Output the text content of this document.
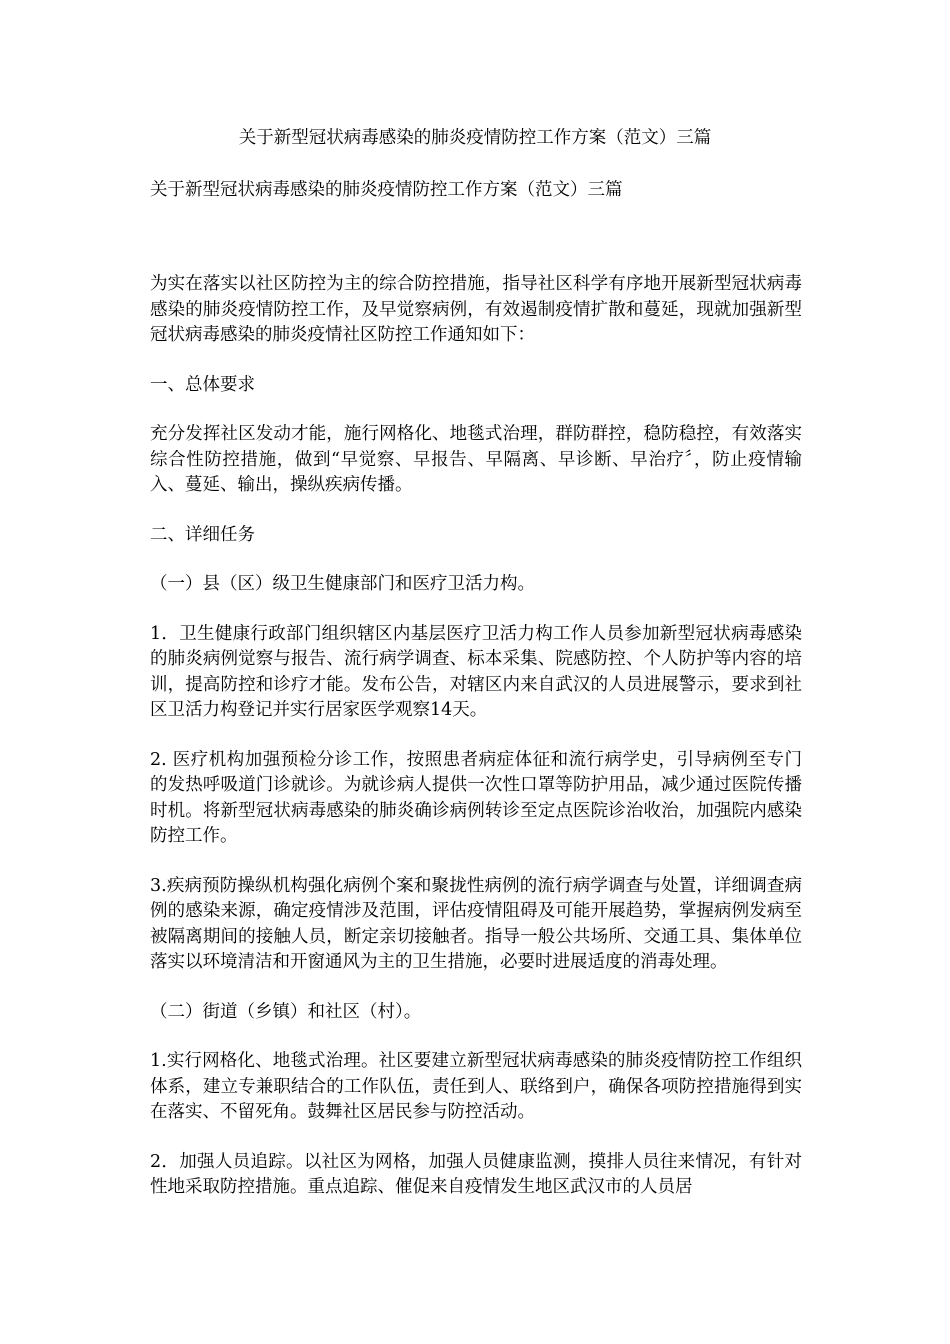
关于新型冠状病毒感染的肺炎疫情防控工作方案（范文）三篇
关于新型冠状病毒感染的肺炎疫情防控工作方案（范文）三篇

为实在落实以社区防控为主的综合防控措施，指导社区科学有序地开展新型冠状病毒感染的肺炎疫情防控工作，及早觉察病例，有效遏制疫情扩散和蔓延，现就加强新型冠状病毒感染的肺炎疫情社区防控工作通知如下：

一、总体要求

充分发挥社区发动才能，施行网格化、地毯式治理，群防群控，稳防稳控，有效落实综合性防控措施，做到“早觉察、早报告、早隔离、早诊断、早治疗〞，防止疫情输入、蔓延、输出，操纵疾病传播。

二、详细任务

（一）县（区）级卫生健康部门和医疗卫活力构。

1．卫生健康行政部门组织辖区内基层医疗卫活力构工作人员参加新型冠状病毒感染的肺炎病例觉察与报告、流行病学调查、标本采集、院感防控、个人防护等内容的培训，提高防控和诊疗才能。发布公告，对辖区内来自武汉的人员进展警示，要求到社区卫活力构登记并实行居家医学观察14天。

2. 医疗机构加强预检分诊工作，按照患者病症体征和流行病学史，引导病例至专门的发热呼吸道门诊就诊。为就诊病人提供一次性口罩等防护用品，减少通过医院传播时机。将新型冠状病毒感染的肺炎确诊病例转诊至定点医院诊治收治，加强院内感染防控工作。

3.疾病预防操纵机构强化病例个案和聚拢性病例的流行病学调查与处置，详细调查病例的感染来源，确定疫情涉及范围，评估疫情阻碍及可能开展趋势，掌握病例发病至被隔离期间的接触人员，断定亲切接触者。指导一般公共场所、交通工具、集体单位落实以环境清洁和开窗通风为主的卫生措施，必要时进展适度的消毒处理。

（二）街道（乡镇）和社区（村）。

1.实行网格化、地毯式治理。社区要建立新型冠状病毒感染的肺炎疫情防控工作组织体系，建立专兼职结合的工作队伍，责任到人、联络到户，确保各项防控措施得到实在落实、不留死角。鼓舞社区居民参与防控活动。

2．加强人员追踪。以社区为网格，加强人员健康监测，摸排人员往来情况，有针对性地采取防控措施。重点追踪、催促来自疫情发生地区武汉市的人员居
